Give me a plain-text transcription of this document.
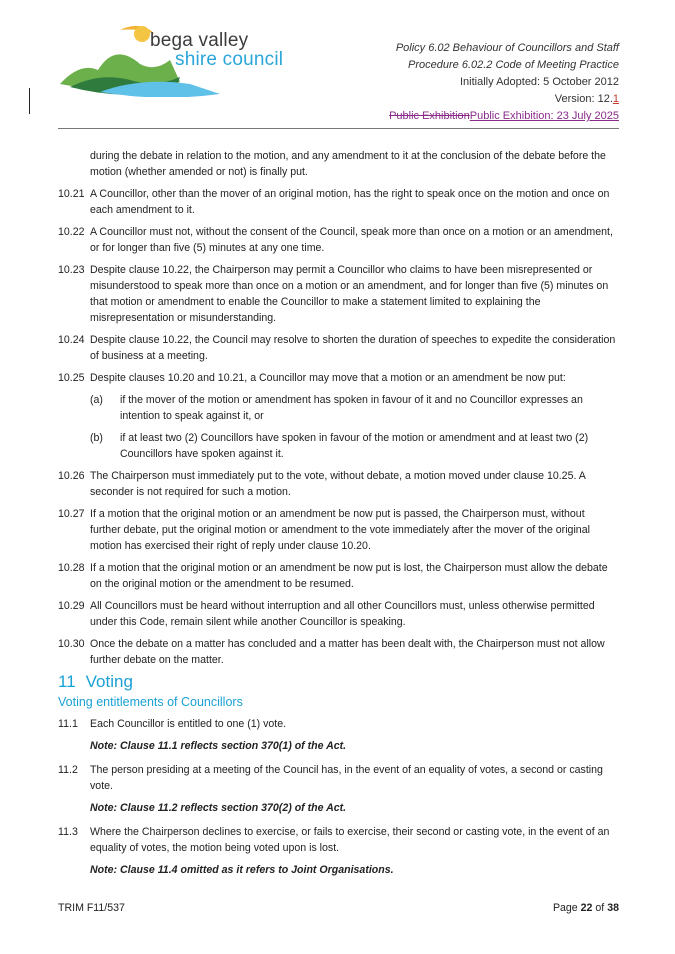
bega valley
shire council
Policy 6.02 Behaviour of Councillors and Staff
Procedure 6.02.2 Code of Meeting Practice
Initially Adopted: 5 October 2012
Version: 12.1
Public ExhibitionPublic Exhibition: 23 July 2025
during the debate in relation to the motion, and any amendment to it at the conclusion of the debate before the motion (whether amended or not) is finally put.
10.21 A Councillor, other than the mover of an original motion, has the right to speak once on the motion and once on each amendment to it.
10.22 A Councillor must not, without the consent of the Council, speak more than once on a motion or an amendment, or for longer than five (5) minutes at any one time.
10.23 Despite clause 10.22, the Chairperson may permit a Councillor who claims to have been misrepresented or misunderstood to speak more than once on a motion or an amendment, and for longer than five (5) minutes on that motion or amendment to enable the Councillor to make a statement limited to explaining the misrepresentation or misunderstanding.
10.24 Despite clause 10.22, the Council may resolve to shorten the duration of speeches to expedite the consideration of business at a meeting.
10.25 Despite clauses 10.20 and 10.21, a Councillor may move that a motion or an amendment be now put:
(a)	if the mover of the motion or amendment has spoken in favour of it and no Councillor expresses an intention to speak against it, or
(b)	if at least two (2) Councillors have spoken in favour of the motion or amendment and at least two (2) Councillors have spoken against it.
10.26 The Chairperson must immediately put to the vote, without debate, a motion moved under clause 10.25. A seconder is not required for such a motion.
10.27 If a motion that the original motion or an amendment be now put is passed, the Chairperson must, without further debate, put the original motion or amendment to the vote immediately after the mover of the original motion has exercised their right of reply under clause 10.20.
10.28 If a motion that the original motion or an amendment be now put is lost, the Chairperson must allow the debate on the original motion or the amendment to be resumed.
10.29 All Councillors must be heard without interruption and all other Councillors must, unless otherwise permitted under this Code, remain silent while another Councillor is speaking.
10.30 Once the debate on a matter has concluded and a matter has been dealt with, the Chairperson must not allow further debate on the matter.
11 Voting
Voting entitlements of Councillors
11.1	Each Councillor is entitled to one (1) vote.
Note: Clause 11.1 reflects section 370(1) of the Act.
11.2	The person presiding at a meeting of the Council has, in the event of an equality of votes, a second or casting vote.
Note: Clause 11.2 reflects section 370(2) of the Act.
11.3	Where the Chairperson declines to exercise, or fails to exercise, their second or casting vote, in the event of an equality of votes, the motion being voted upon is lost.
Note: Clause 11.4 omitted as it refers to Joint Organisations.
TRIM F11/537	Page 22 of 38
